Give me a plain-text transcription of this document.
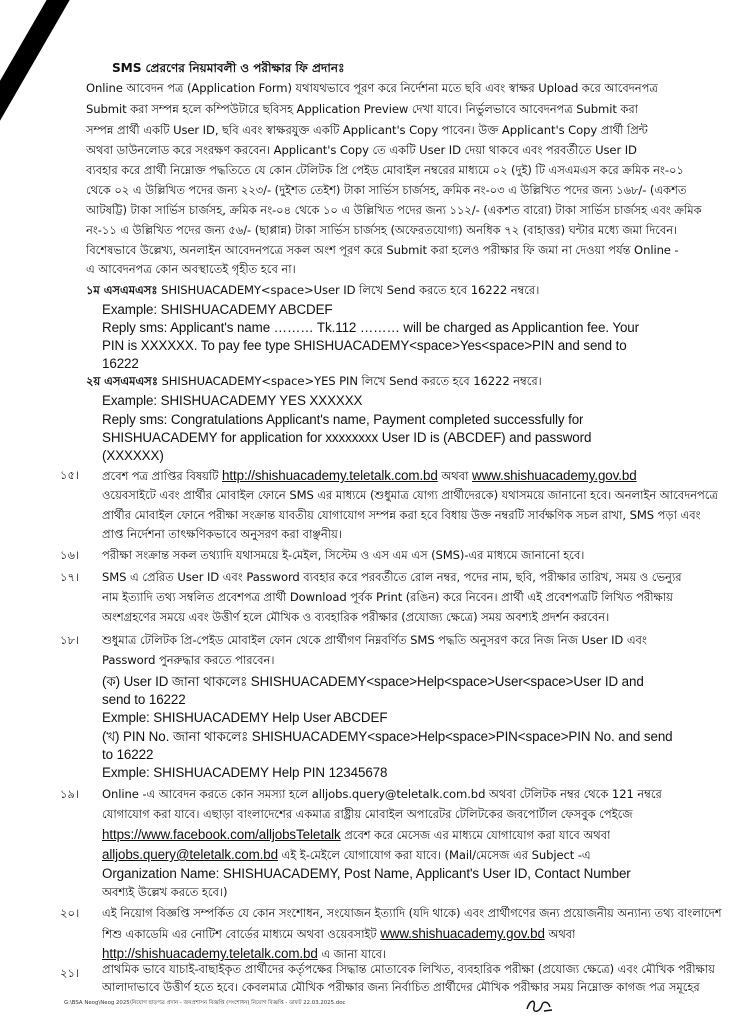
SMS প্রেরণের নিয়মাবলী ও পরীক্ষার ফি প্রদানঃ
Online আবেদন পত্র (Application Form) যথাযথভাবে পূরণ করে নির্দেশনা মতে ছবি এবং স্বাক্ষর Upload করে আবেদনপত্র
Submit করা সম্পন্ন হলে কম্পিউটারে ছবিসহ Application Preview দেখা যাবে। নির্ভুলভাবে আবেদনপত্র Submit করা
সম্পন্ন প্রার্থী একটি User ID, ছবি এবং স্বাক্ষরযুক্ত একটি Applicant's Copy পাবেন। উক্ত Applicant's Copy প্রার্থী প্রিন্ট
অথবা ডাউনলোড করে সংরক্ষণ করবেন। Applicant's Copy তে একটি User ID দেয়া থাকবে এবং পরবর্তীতে User ID
ব্যবহার করে প্রার্থী নিম্নোক্ত পদ্ধতিতে যে কোন টেলিটক প্রি পেইড মোবাইল নম্বরের মাধ্যমে ০২ (দুই) টি এসএমএস করে ক্রমিক নং-০১
থেকে ০২ এ উল্লিখিত পদের জন্য ২২৩/- (দুইশত তেইশ) টাকা সার্ভিস চার্জসহ, ক্রমিক নং-০৩ এ উল্লিখিত পদের জন্য ১৬৮/- (একশত
আটষট্টি) টাকা সার্ভিস চার্জসহ, ক্রমিক নং-০৪ থেকে ১০ এ উল্লিখিত পদের জন্য ১১২/- (একশত বারো) টাকা সার্ভিস চার্জসহ এবং ক্রমিক
নং-১১ এ উল্লিখিত পদের জন্য ৫৬/- (ছাপ্পান্ন) টাকা সার্ভিস চার্জসহ (অফেরতযোগ্য) অনধিক ৭২ (বাহাত্তর) ঘন্টার মধ্যে জমা দিবেন।
বিশেষভাবে উল্লেখ্য, অনলাইন আবেদনপত্রে সকল অংশ পূরণ করে Submit করা হলেও পরীক্ষার ফি জমা না দেওয়া পর্যন্ত Online -
এ আবেদনপত্র কোন অবস্থাতেই গৃহীত হবে না।
১ম এসএমএসঃ SHISHUACADEMY<space>User ID লিখে Send করতে হবে 16222 নম্বরে।
Example: SHISHUACADEMY ABCDEF
Reply sms: Applicant's name ……… Tk.112 ……… will be charged as Applicantion fee. Your
PIN is XXXXXX. To pay fee type SHISHUACADEMY<space>Yes<space>PIN and send to
16222
২য় এসএমএসঃ SHISHUACADEMY<space>YES PIN লিখে Send করতে হবে 16222 নম্বরে।
Example: SHISHUACADEMY YES XXXXXX
Reply sms: Congratulations Applicant's name, Payment completed successfully for
SHISHUACADEMY for application for xxxxxxxx User ID is (ABCDEF) and password
(XXXXXX)
১৫। প্রবেশ পত্র প্রাপ্তির বিষয়টি http://shishuacademy.teletalk.com.bd অথবা www.shishuacademy.gov.bd
ওয়েবসাইটে এবং প্রার্থীর মোবাইল ফোনে SMS এর মাধ্যমে (শুধুমাত্র যোগ্য প্রার্থীদেরকে) যথাসময়ে জানানো হবে। অনলাইন আবেদনপত্রে
প্রার্থীর মোবাইল ফোনে পরীক্ষা সংক্রান্ত যাবতীয় যোগাযোগ সম্পন্ন করা হবে বিধায় উক্ত নম্বরটি সার্বক্ষণিক সচল রাখা, SMS পড়া এবং
প্রাপ্ত নির্দেশনা তাৎক্ষণিকভাবে অনুসরণ করা বাঞ্ছনীয়।
১৬। পরীক্ষা সংক্রান্ত সকল তথ্যাদি যথাসময়ে ই-মেইল, সিস্টেম ও এস এম এস (SMS)-এর মাধ্যমে জানানো হবে।
১৭। SMS এ প্রেরিত User ID এবং Password ব্যবহার করে পরবর্তীতে রোল নম্বর, পদের নাম, ছবি, পরীক্ষার তারিখ, সময় ও ভেন্যুর
নাম ইত্যাদি তথ্য সম্বলিত প্রবেশপত্র প্রার্থী Download পূর্বক Print (রঙিন) করে নিবেন। প্রার্থী এই প্রবেশপত্রটি লিখিত পরীক্ষায়
অংশগ্রহণের সময়ে এবং উত্তীর্ণ হলে মৌখিক ও ব্যবহারিক পরীক্ষার (প্রযোজ্য ক্ষেত্রে) সময় অবশ্যই প্রদর্শন করবেন।
১৮। শুধুমাত্র টেলিটক প্রি-পেইড মোবাইল ফোন থেকে প্রার্থীগণ নিম্নবর্ণিত SMS পদ্ধতি অনুসরণ করে নিজ নিজ User ID এবং
Password পুনরুদ্ধার করতে পারবেন।
(ক) User ID জানা থাকলেঃ SHISHUACADEMY<space>Help<space>User<space>User ID and
send to 16222
Exmple: SHISHUACADEMY Help User ABCDEF
(খ) PIN No. জানা থাকলেঃ SHISHUACADEMY<space>Help<space>PIN<space>PIN No. and send
to 16222
Exmple: SHISHUACADEMY Help PIN 12345678
১৯। Online -এ আবেদন করতে কোন সমস্যা হলে alljobs.query@teletalk.com.bd অথবা টেলিটক নম্বর থেকে 121 নম্বরে
যোগাযোগ করা যাবে। এছাড়া বাংলাদেশের একমাত্র রাষ্ট্রীয় মোবাইল অপারেটর টেলিটকের জবপোর্টাল ফেসবুক পেইজে
https://www.facebook.com/alljobsTeletalk প্রবেশ করে মেসেজ এর মাধ্যমে যোগাযোগ করা যাবে অথবা
alljobs.query@teletalk.com.bd এই ই-মেইলে যোগাযোগ করা যাবে। (Mail/মেসেজ এর Subject -এ
Organization Name: SHISHUACADEMY, Post Name, Applicant's User ID, Contact Number
অবশ্যই উল্লেখ করতে হবে।)
২০। এই নিয়োগ বিজ্ঞপ্তি সম্পর্কিত যে কোন সংশোধন, সংযোজন ইত্যাদি (যদি থাকে) এবং প্রার্থীগণের জন্য প্রয়োজনীয় অন্যান্য তথ্য বাংলাদেশ
শিশু একাডেমি এর নোটিশ বোর্ডের মাধ্যমে অথবা ওয়েবসাইট www.shishuacademy.gov.bd অথবা
http://shishuacademy.teletalk.com.bd এ জানা যাবে।
২১। প্রাথমিক ভাবে যাচাই-বাছাইকৃত প্রার্থীদের কর্তৃপক্ষের সিদ্ধান্ত মোতাবেক লিখিত, ব্যবহারিক পরীক্ষা (প্রযোজ্য ক্ষেত্রে) এবং মৌখিক পরীক্ষায়
আলাদাভাবে উত্তীর্ণ হতে হবে। কেবলমাত্র মৌখিক পরীক্ষার জন্য নির্বাচিত প্রার্থীদের মৌখিক পরীক্ষার সময় নিম্নোক্ত কাগজ পত্র সমূহের
G:\BSA Neog\Neog 2025\নিয়োগ ছাড়পত্র প্রদান - জনপ্রশাসন বিজ্ঞপ্তি (সংশোধন) নিয়োগ বিজ্ঞপ্তি - ডাফট 22.03.2025.doc
